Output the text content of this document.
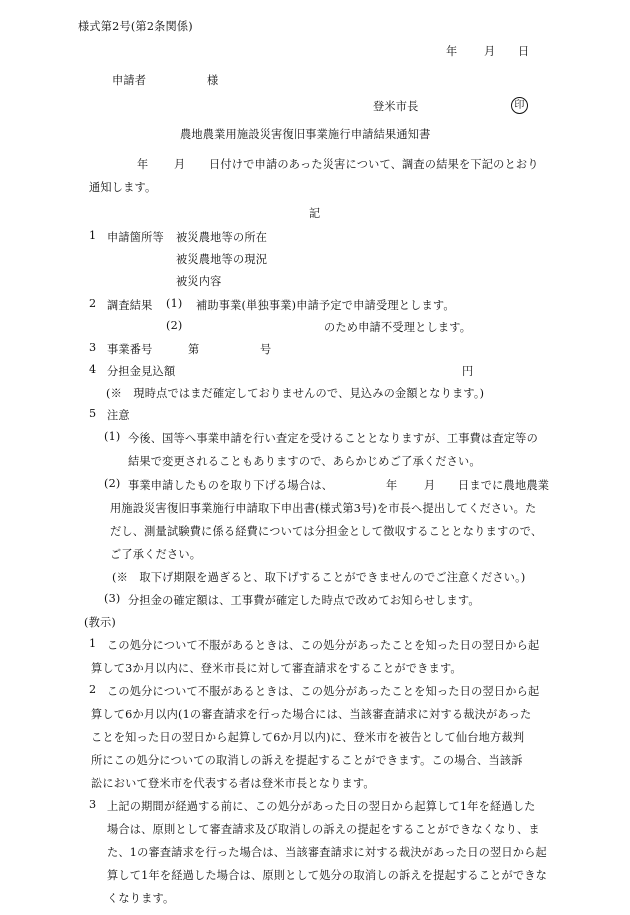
様式第2号(第2条関係)
年 月 日
申請者	様
登米市長	印
農地農業用施設災害復旧事業施行申請結果通知書
年 月 日付けで申請のあった災害について、調査の結果を下記のとおり
通知します。
記
1 申請箇所等 被災農地等の所在
被災農地等の現況
被災内容
2 調査結果 (1) 補助事業(単独事業)申請予定で申請受理とします。
(2)	のため申請不受理とします。
3 事業番号	第	号
4 分担金見込額	円
(※　現時点ではまだ確定しておりませんので、見込みの金額となります。)
5 注意
(1) 今後、国等へ事業申請を行い査定を受けることとなりますが、工事費は査定等の
結果で変更されることもありますので、あらかじめご了承ください。
(2) 事業申請したものを取り下げる場合は、	年 月 日までに農地農業
用施設災害復旧事業施行申請取下申出書(様式第3号)を市長へ提出してください。た
だし、測量試験費に係る経費については分担金として徴収することとなりますので、
ご了承ください。
(※　取下げ期限を過ぎると、取下げすることができませんのでご注意ください。)
(3) 分担金の確定額は、工事費が確定した時点で改めてお知らせします。
(教示)
1 この処分について不服があるときは、この処分があったことを知った日の翌日から起
算して3か月以内に、登米市長に対して審査請求をすることができます。
2 この処分について不服があるときは、この処分があったことを知った日の翌日から起
算して6か月以内(1の審査請求を行った場合には、当該審査請求に対する裁決があった
ことを知った日の翌日から起算して6か月以内)に、登米市を被告として仙台地方裁判
所にこの処分についての取消しの訴えを提起することができます。この場合、当該訴
訟において登米市を代表する者は登米市長となります。
3 上記の期間が経過する前に、この処分があった日の翌日から起算して1年を経過した
場合は、原則として審査請求及び取消しの訴えの提起をすることができなくなり、ま
た、1の審査請求を行った場合は、当該審査請求に対する裁決があった日の翌日から起
算して1年を経過した場合は、原則として処分の取消しの訴えを提起することができな
くなります。
